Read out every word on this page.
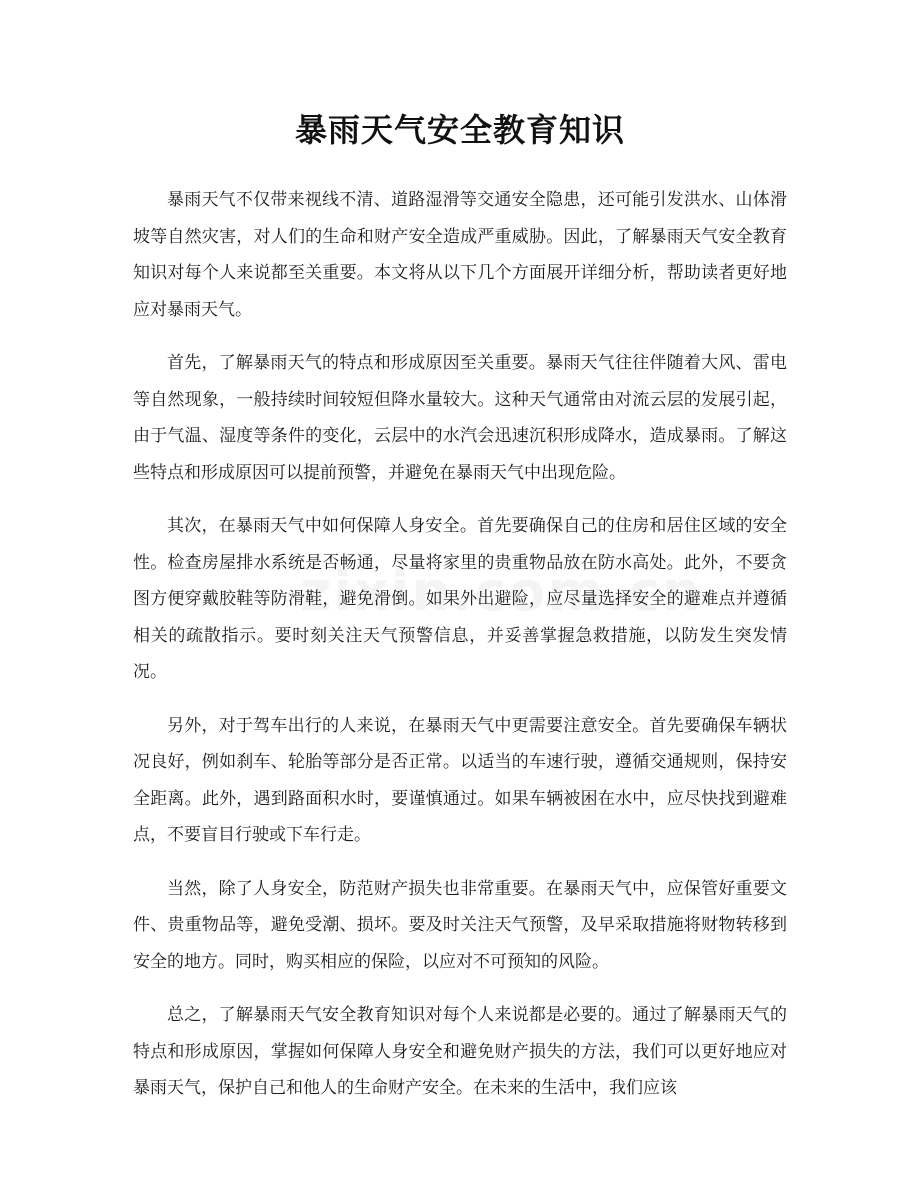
暴雨天气安全教育知识

暴雨天气不仅带来视线不清、道路湿滑等交通安全隐患，还可能引发洪水、山体滑坡等自然灾害，对人们的生命和财产安全造成严重威胁。因此，了解暴雨天气安全教育知识对每个人来说都至关重要。本文将从以下几个方面展开详细分析，帮助读者更好地应对暴雨天气。

首先，了解暴雨天气的特点和形成原因至关重要。暴雨天气往往伴随着大风、雷电等自然现象，一般持续时间较短但降水量较大。这种天气通常由对流云层的发展引起，由于气温、湿度等条件的变化，云层中的水汽会迅速沉积形成降水，造成暴雨。了解这些特点和形成原因可以提前预警，并避免在暴雨天气中出现危险。

其次，在暴雨天气中如何保障人身安全。首先要确保自己的住房和居住区域的安全性。检查房屋排水系统是否畅通，尽量将家里的贵重物品放在防水高处。此外，不要贪图方便穿戴胶鞋等防滑鞋，避免滑倒。如果外出避险，应尽量选择安全的避难点并遵循相关的疏散指示。要时刻关注天气预警信息，并妥善掌握急救措施，以防发生突发情况。

另外，对于驾车出行的人来说，在暴雨天气中更需要注意安全。首先要确保车辆状况良好，例如刹车、轮胎等部分是否正常。以适当的车速行驶，遵循交通规则，保持安全距离。此外，遇到路面积水时，要谨慎通过。如果车辆被困在水中，应尽快找到避难点，不要盲目行驶或下车行走。

当然，除了人身安全，防范财产损失也非常重要。在暴雨天气中，应保管好重要文件、贵重物品等，避免受潮、损坏。要及时关注天气预警，及早采取措施将财物转移到安全的地方。同时，购买相应的保险，以应对不可预知的风险。

总之，了解暴雨天气安全教育知识对每个人来说都是必要的。通过了解暴雨天气的特点和形成原因，掌握如何保障人身安全和避免财产损失的方法，我们可以更好地应对暴雨天气，保护自己和他人的生命财产安全。在未来的生活中，我们应该
